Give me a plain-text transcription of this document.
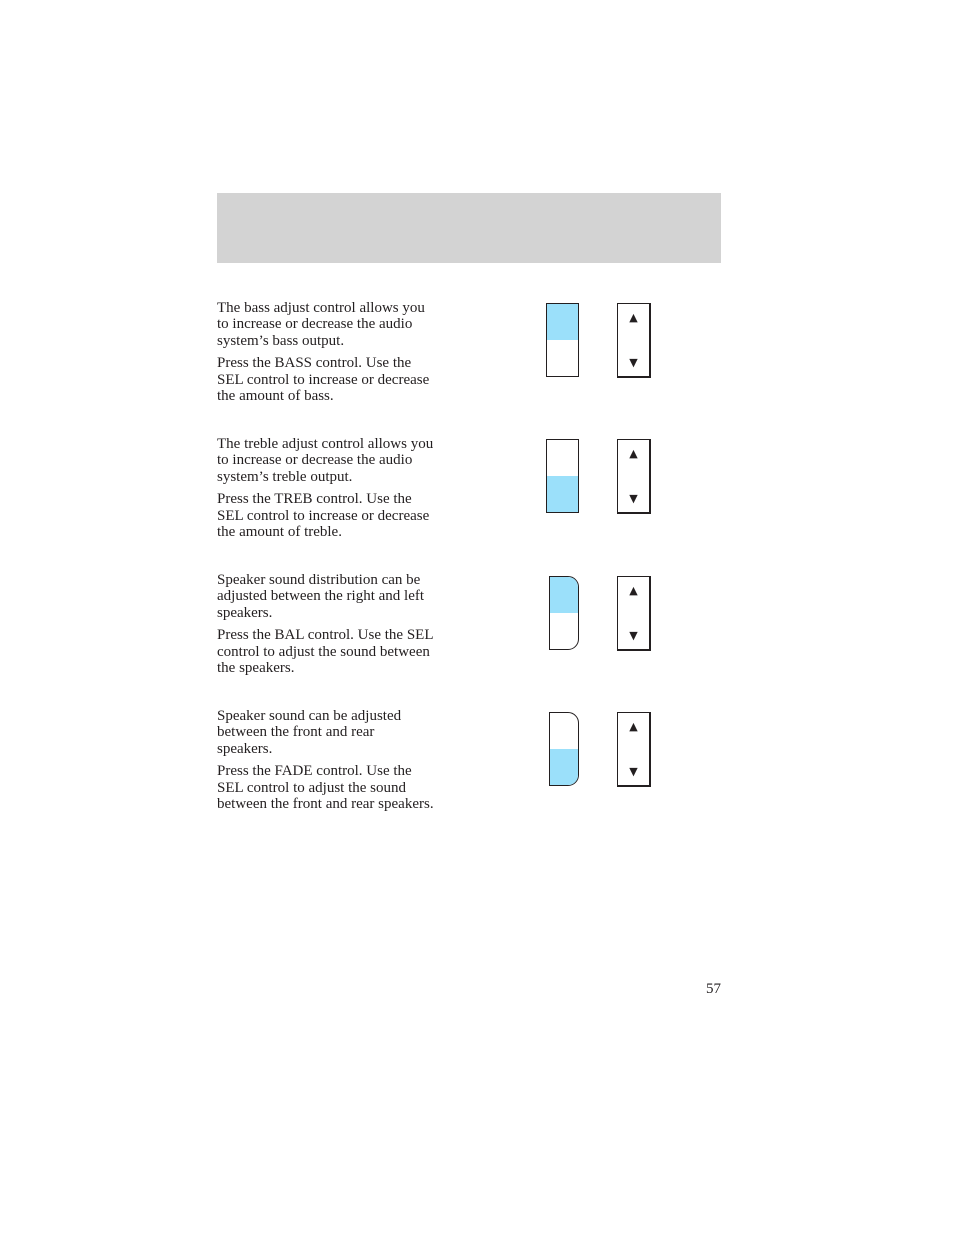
The bass adjust control allows you
to increase or decrease the audio
system’s bass output.

Press the BASS control. Use the
SEL control to increase or decrease
the amount of bass.

▲
▼

The treble adjust control allows you
to increase or decrease the audio
system’s treble output.

Press the TREB control. Use the
SEL control to increase or decrease
the amount of treble.

▲
▼

Speaker sound distribution can be
adjusted between the right and left
speakers.

Press the BAL control. Use the SEL
control to adjust the sound between
the speakers.

▲
▼

Speaker sound can be adjusted
between the front and rear
speakers.

Press the FADE control. Use the
SEL control to adjust the sound
between the front and rear speakers.

▲
▼
57
